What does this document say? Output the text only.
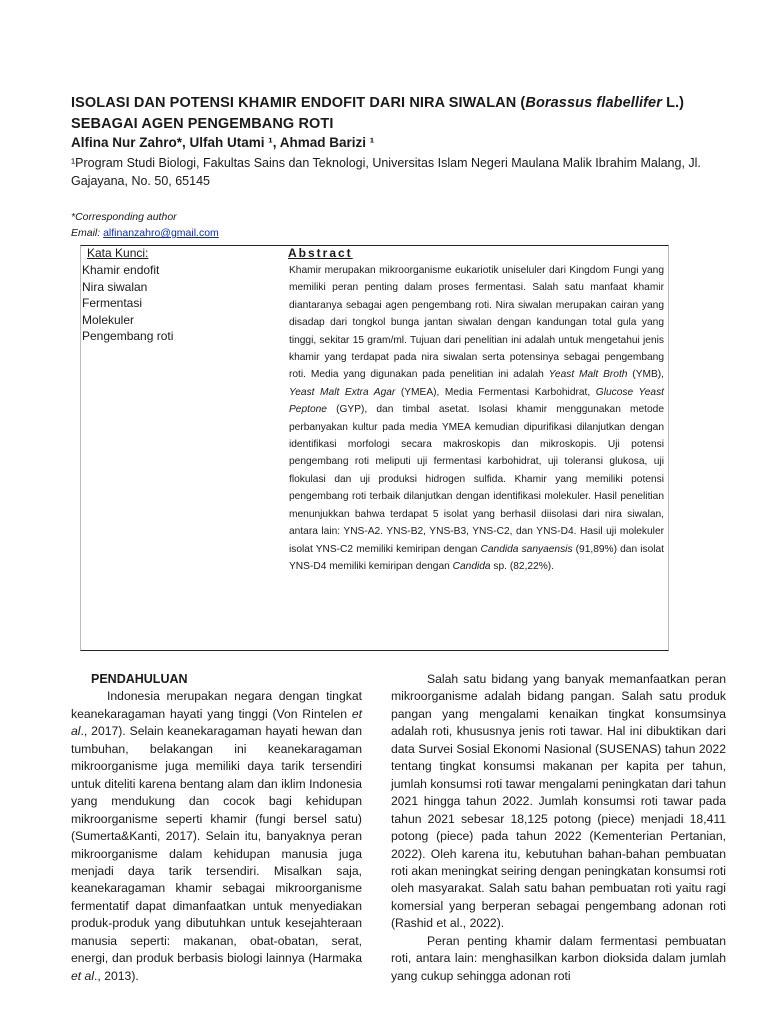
ISOLASI DAN POTENSI KHAMIR ENDOFIT DARI NIRA SIWALAN (Borassus flabellifer L.)
SEBAGAI AGEN PENGEMBANG ROTI
Alfina Nur Zahro*, Ulfah Utami ¹, Ahmad Barizi ¹
¹Program Studi Biologi, Fakultas Sains dan Teknologi, Universitas Islam Negeri Maulana Malik Ibrahim Malang, Jl. Gajayana, No. 50, 65145
*Corresponding author
Email: alfinanzahro@gmail.com
Kata Kunci:
Khamir endofit
Nira siwalan
Fermentasi
Molekuler
Pengembang roti
Abstract
Khamir merupakan mikroorganisme eukariotik uniseluler dari Kingdom Fungi yang memiliki peran penting dalam proses fermentasi. Salah satu manfaat khamir diantaranya sebagai agen pengembang roti. Nira siwalan merupakan cairan yang disadap dari tongkol bunga jantan siwalan dengan kandungan total gula yang tinggi, sekitar 15 gram/ml. Tujuan dari penelitian ini adalah untuk mengetahui jenis khamir yang terdapat pada nira siwalan serta potensinya sebagai pengembang roti. Media yang digunakan pada penelitian ini adalah Yeast Malt Broth (YMB), Yeast Malt Extra Agar (YMEA), Media Fermentasi Karbohidrat, Glucose Yeast Peptone (GYP), dan timbal asetat. Isolasi khamir menggunakan metode perbanyakan kultur pada media YMEA kemudian dipurifikasi dilanjutkan dengan identifikasi morfologi secara makroskopis dan mikroskopis. Uji potensi pengembang roti meliputi uji fermentasi karbohidrat, uji toleransi glukosa, uji flokulasi dan uji produksi hidrogen sulfida. Khamir yang memiliki potensi pengembang roti terbaik dilanjutkan dengan identifikasi molekuler. Hasil penelitian menunjukkan bahwa terdapat 5 isolat yang berhasil diisolasi dari nira siwalan, antara lain: YNS-A2. YNS-B2, YNS-B3, YNS-C2, dan YNS-D4. Hasil uji molekuler isolat YNS-C2 memiliki kemiripan dengan Candida sanyaensis (91,89%) dan isolat YNS-D4 memiliki kemiripan dengan Candida sp. (82,22%).
PENDAHULUAN

Indonesia merupakan negara dengan tingkat keanekaragaman hayati yang tinggi (Von Rintelen et al., 2017). Selain keanekaragaman hayati hewan dan tumbuhan, belakangan ini keanekaragaman mikroorganisme juga memiliki daya tarik tersendiri untuk diteliti karena bentang alam dan iklim Indonesia yang mendukung dan cocok bagi kehidupan mikroorganisme seperti khamir (fungi bersel satu) (Sumerta&Kanti, 2017). Selain itu, banyaknya peran mikroorganisme dalam kehidupan manusia juga menjadi daya tarik tersendiri. Misalkan saja, keanekaragaman khamir sebagai mikroorganisme fermentatif dapat dimanfaatkan untuk menyediakan produk-produk yang dibutuhkan untuk kesejahteraan manusia seperti: makanan, obat-obatan, serat, energi, dan produk berbasis biologi lainnya (Harmaka et al., 2013).

Salah satu bidang yang banyak memanfaatkan peran mikroorganisme adalah bidang pangan. Salah satu produk pangan yang mengalami kenaikan tingkat konsumsinya adalah roti, khususnya jenis roti tawar. Hal ini dibuktikan dari data Survei Sosial Ekonomi Nasional (SUSENAS) tahun 2022 tentang tingkat konsumsi makanan per kapita per tahun, jumlah konsumsi roti tawar mengalami peningkatan dari tahun 2021 hingga tahun 2022. Jumlah konsumsi roti tawar pada tahun 2021 sebesar 18,125 potong (piece) menjadi 18,411 potong (piece) pada tahun 2022 (Kementerian Pertanian, 2022). Oleh karena itu, kebutuhan bahan-bahan pembuatan roti akan meningkat seiring dengan peningkatan konsumsi roti oleh masyarakat. Salah satu bahan pembuatan roti yaitu ragi komersial yang berperan sebagai pengembang adonan roti (Rashid et al., 2022).

Peran penting khamir dalam fermentasi pembuatan roti, antara lain: menghasilkan karbon dioksida dalam jumlah yang cukup sehingga adonan roti
